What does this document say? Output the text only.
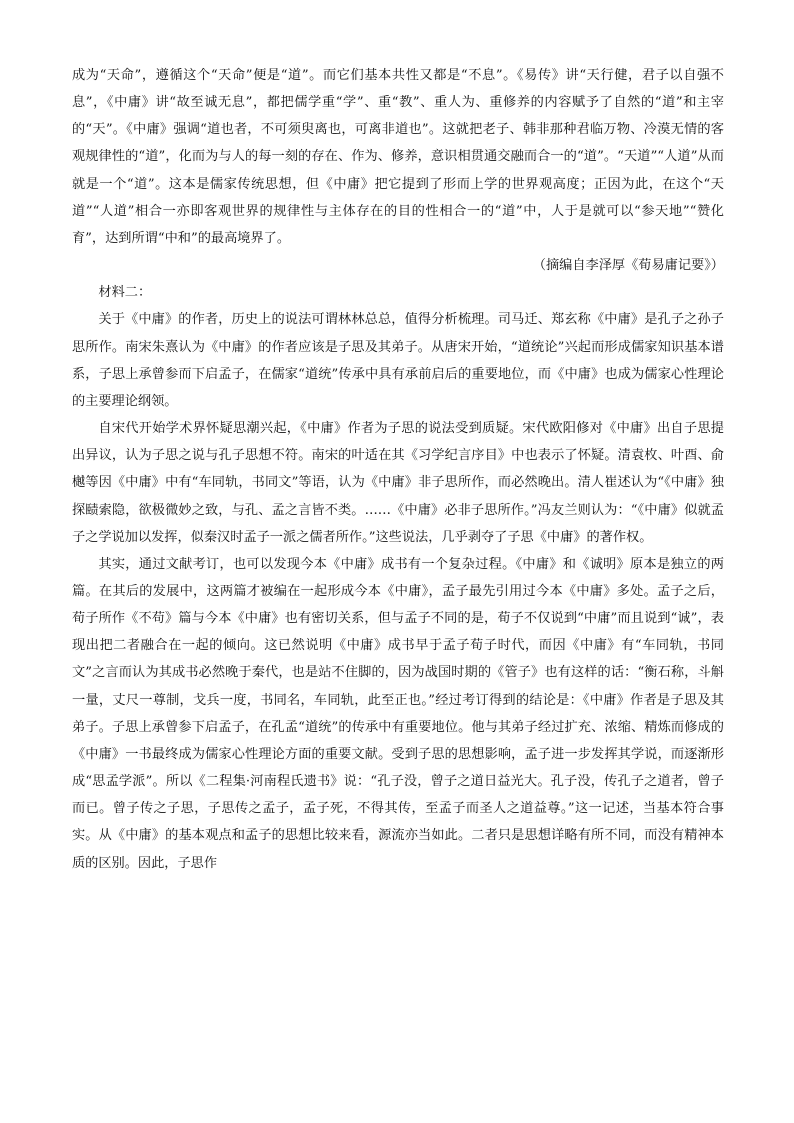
成为“天命”，遵循这个“天命”便是“道”。而它们基本共性又都是“不息”。《易传》讲“天行健，君子以自强不息”，《中庸》讲“故至诚无息”，都把儒学重“学”、重“教”、重人为、重修养的内容赋予了自然的“道”和主宰的“天”。《中庸》强调“道也者，不可须臾离也，可离非道也”。这就把老子、韩非那种君临万物、冷漠无情的客观规律性的“道”，化而为与人的每一刻的存在、作为、修养，意识相贯通交融而合一的“道”。“天道”“人道”从而就是一个“道”。这本是儒家传统思想，但《中庸》把它提到了形而上学的世界观高度；正因为此，在这个“天道”“人道”相合一亦即客观世界的规律性与主体存在的目的性相合一的“道”中，人于是就可以“参天地”“赞化育”，达到所谓“中和”的最高境界了。

（摘编自李泽厚《荀易庸记要》）

材料二：

关于《中庸》的作者，历史上的说法可谓林林总总，值得分析梳理。司马迁、郑玄称《中庸》是孔子之孙子思所作。南宋朱熹认为《中庸》的作者应该是子思及其弟子。从唐宋开始，“道统论”兴起而形成儒家知识基本谱系，子思上承曾参而下启孟子，在儒家“道统”传承中具有承前启后的重要地位，而《中庸》也成为儒家心性理论的主要理论纲领。

自宋代开始学术界怀疑思潮兴起，《中庸》作者为子思的说法受到质疑。宋代欧阳修对《中庸》出自子思提出异议，认为子思之说与孔子思想不符。南宋的叶适在其《习学纪言序目》中也表示了怀疑。清袁枚、叶酉、俞樾等因《中庸》中有“车同轨，书同文”等语，认为《中庸》非子思所作，而必然晚出。清人崔述认为“《中庸》独探赜索隐，欲极微妙之致，与孔、孟之言皆不类。……《中庸》必非子思所作。”冯友兰则认为：“《中庸》似就孟子之学说加以发挥，似秦汉时孟子一派之儒者所作。”这些说法，几乎剥夺了子思《中庸》的著作权。

其实，通过文献考订，也可以发现今本《中庸》成书有一个复杂过程。《中庸》和《诚明》原本是独立的两篇。在其后的发展中，这两篇才被编在一起形成今本《中庸》，孟子最先引用过今本《中庸》多处。孟子之后，荀子所作《不苟》篇与今本《中庸》也有密切关系，但与孟子不同的是，荀子不仅说到“中庸”而且说到“诚”，表现出把二者融合在一起的倾向。这已然说明《中庸》成书早于孟子荀子时代，而因《中庸》有“车同轨，书同文”之言而认为其成书必然晚于秦代，也是站不住脚的，因为战国时期的《管子》也有这样的话：“衡石称，斗斛一量，丈尺一尊制，戈兵一度，书同名，车同轨，此至正也。”经过考订得到的结论是：《中庸》作者是子思及其弟子。子思上承曾参下启孟子，在孔孟“道统”的传承中有重要地位。他与其弟子经过扩充、浓缩、精炼而修成的《中庸》一书最终成为儒家心性理论方面的重要文献。受到子思的思想影响，孟子进一步发挥其学说，而逐渐形成“思孟学派”。所以《二程集·河南程氏遗书》说：“孔子没，曾子之道日益光大。孔子没，传孔子之道者，曾子而已。曾子传之子思，子思传之孟子，孟子死，不得其传，至孟子而圣人之道益尊。”这一记述，当基本符合事实。从《中庸》的基本观点和孟子的思想比较来看，源流亦当如此。二者只是思想详略有所不同，而没有精神本质的区别。因此，子思作
